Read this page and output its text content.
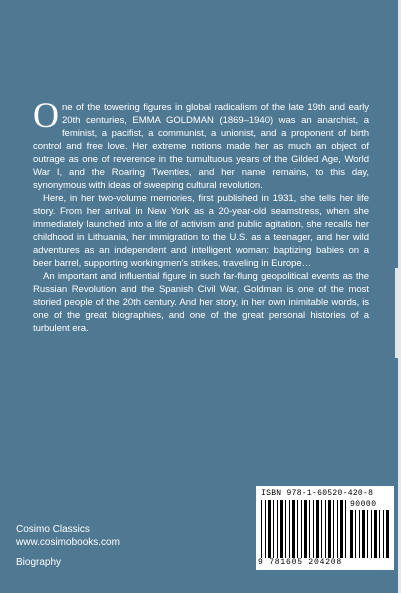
One of the towering figures in global radicalism of the late 19th and early 20th centuries, EMMA GOLDMAN (1869–1940) was an anarchist, a feminist, a pacifist, a communist, a unionist, and a proponent of birth control and free love. Her extreme notions made her as much an object of outrage as one of reverence in the tumultuous years of the Gilded Age, World War I, and the Roaring Twenties, and her name remains, to this day, synonymous with ideas of sweeping cultural revolution.

Here, in her two-volume memories, first published in 1931, she tells her life story. From her arrival in New York as a 20-year-old seamstress, when she immediately launched into a life of activism and public agitation, she recalls her childhood in Lithuania, her immigration to the U.S. as a teenager, and her wild adventures as an independent and intelligent woman: baptizing babies on a beer barrel, supporting workingmen's strikes, traveling in Europe…

An important and influential figure in such far-flung geopolitical events as the Russian Revolution and the Spanish Civil War, Goldman is one of the most storied people of the 20th century. And her story, in her own inimitable words, is one of the great biographies, and one of the great personal histories of a turbulent era.

Cosimo Classics
www.cosimobooks.com
Biography
ISBN 978-1-60520-420-8
90000
9 781605 204208
